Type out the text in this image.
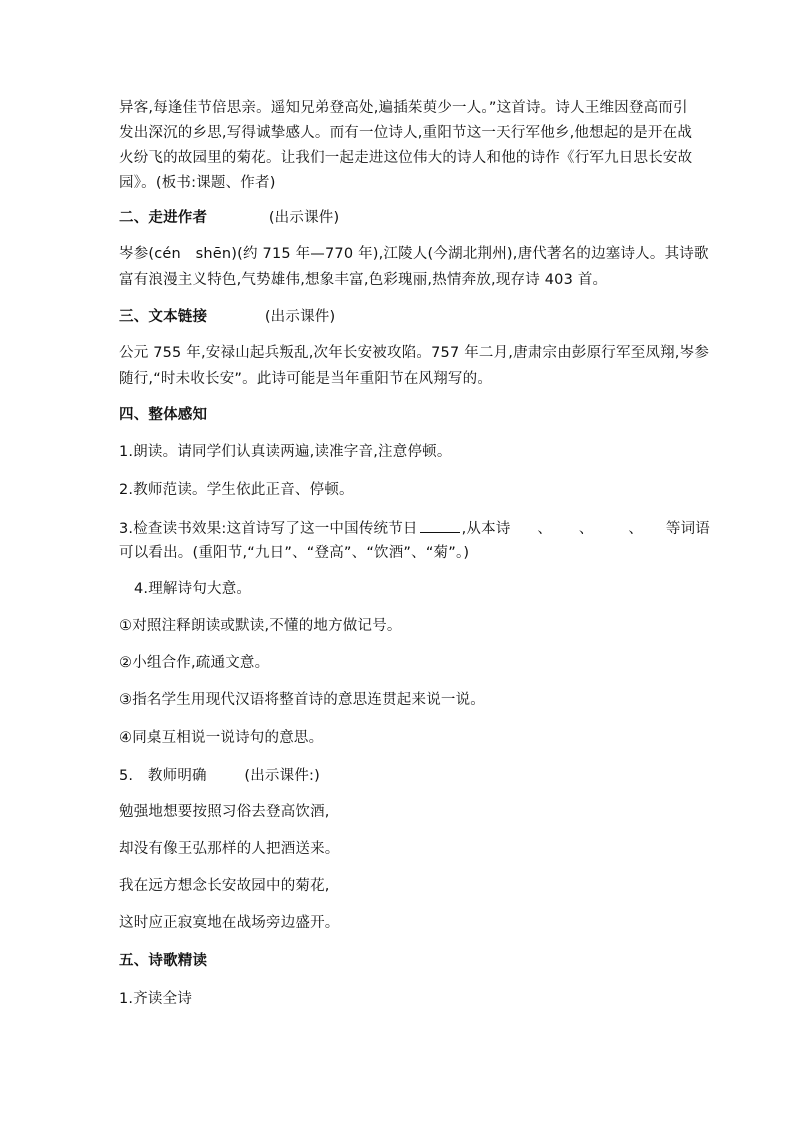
异客,每逢佳节倍思亲。遥知兄弟登高处,遍插茱萸少一人。”这首诗。诗人王维因登高而引
发出深沉的乡思,写得诚挚感人。而有一位诗人,重阳节这一天行军他乡,他想起的是开在战
火纷飞的故园里的菊花。让我们一起走进这位伟大的诗人和他的诗作《行军九日思长安故
园》。(板书:课题、作者)
二、走进作者	(出示课件)
岑参(cén　shēn)(约 715 年—770 年),江陵人(今湖北荆州),唐代著名的边塞诗人。其诗歌
富有浪漫主义特色,气势雄伟,想象丰富,色彩瑰丽,热情奔放,现存诗 403 首。
三、文本链接	(出示课件)
公元 755 年,安禄山起兵叛乱,次年长安被攻陷。757 年二月,唐肃宗由彭原行军至凤翔,岑参
随行,“时未收长安”。此诗可能是当年重阳节在风翔写的。
四、整体感知
1.朗读。请同学们认真读两遍,读准字音,注意停顿。
2.教师范读。学生依此正音、停顿。
3.检查读书效果:这首诗写了这一中国传统节日	,从本诗 、 、 、 等词语
可以看出。(重阳节,“九日”、“登高”、“饮酒”、“菊”。)
4.理解诗句大意。
①对照注释朗读或默读,不懂的地方做记号。
②小组合作,疏通文意。
③指名学生用现代汉语将整首诗的意思连贯起来说一说。
④同桌互相说一说诗句的意思。
5.　教师明确	(出示课件:)
勉强地想要按照习俗去登高饮酒,
却没有像王弘那样的人把酒送来。
我在远方想念长安故园中的菊花,
这时应正寂寞地在战场旁边盛开。
五、诗歌精读
1.齐读全诗
